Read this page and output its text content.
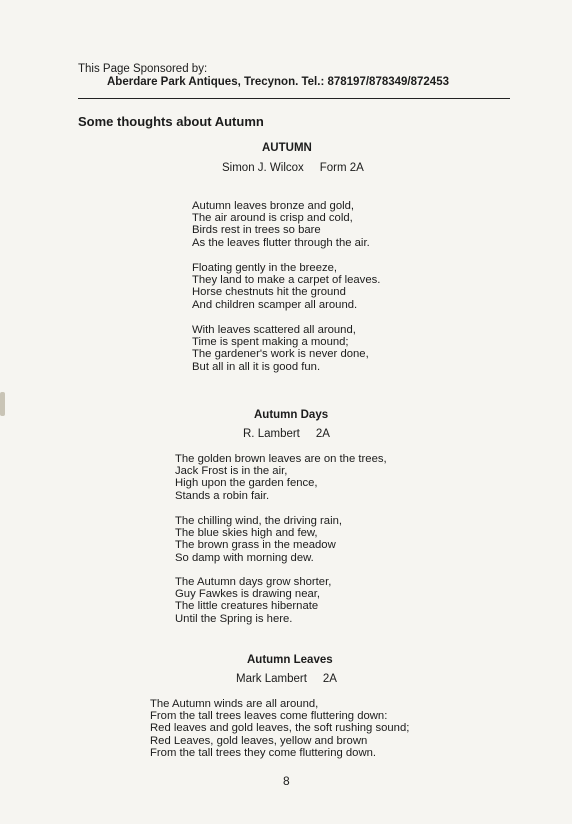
This Page Sponsored by:
Aberdare Park Antiques, Trecynon. Tel.: 878197/878349/872453
Some thoughts about Autumn
AUTUMN
Simon J. Wilcox     Form 2A
Autumn leaves bronze and gold,
The air around is crisp and cold,
Birds rest in trees so bare
As the leaves flutter through the air.
Floating gently in the breeze,
They land to make a carpet of leaves.
Horse chestnuts hit the ground
And children scamper all around.
With leaves scattered all around,
Time is spent making a mound;
The gardener's work is never done,
But all in all it is good fun.
Autumn Days
R. Lambert     2A
The golden brown leaves are on the trees,
Jack Frost is in the air,
High upon the garden fence,
Stands a robin fair.
The chilling wind, the driving rain,
The blue skies high and few,
The brown grass in the meadow
So damp with morning dew.
The Autumn days grow shorter,
Guy Fawkes is drawing near,
The little creatures hibernate
Until the Spring is here.
Autumn Leaves
Mark Lambert     2A
The Autumn winds are all around,
From the tall trees leaves come fluttering down:
Red leaves and gold leaves, the soft rushing sound;
Red Leaves, gold leaves, yellow and brown
From the tall trees they come fluttering down.
8
